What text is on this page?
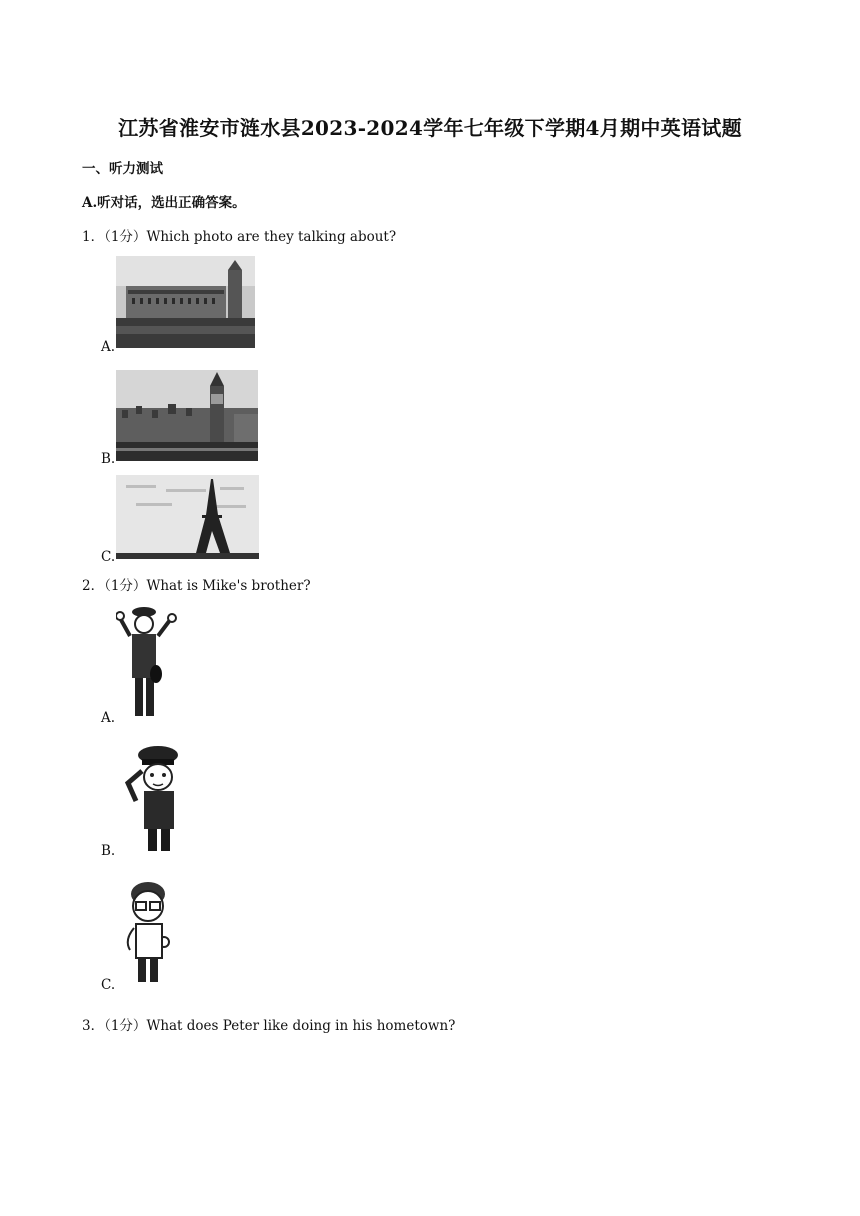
江苏省淮安市涟水县2023-2024学年七年级下学期4月期中英语试题
一、听力测试
A.听对话，选出正确答案。
1．（1分）Which photo are they talking about?
A.
B.
C.
2．（1分）What is Mike's brother?
A.
B.
C.
3．（1分）What does Peter like doing in his hometown?
